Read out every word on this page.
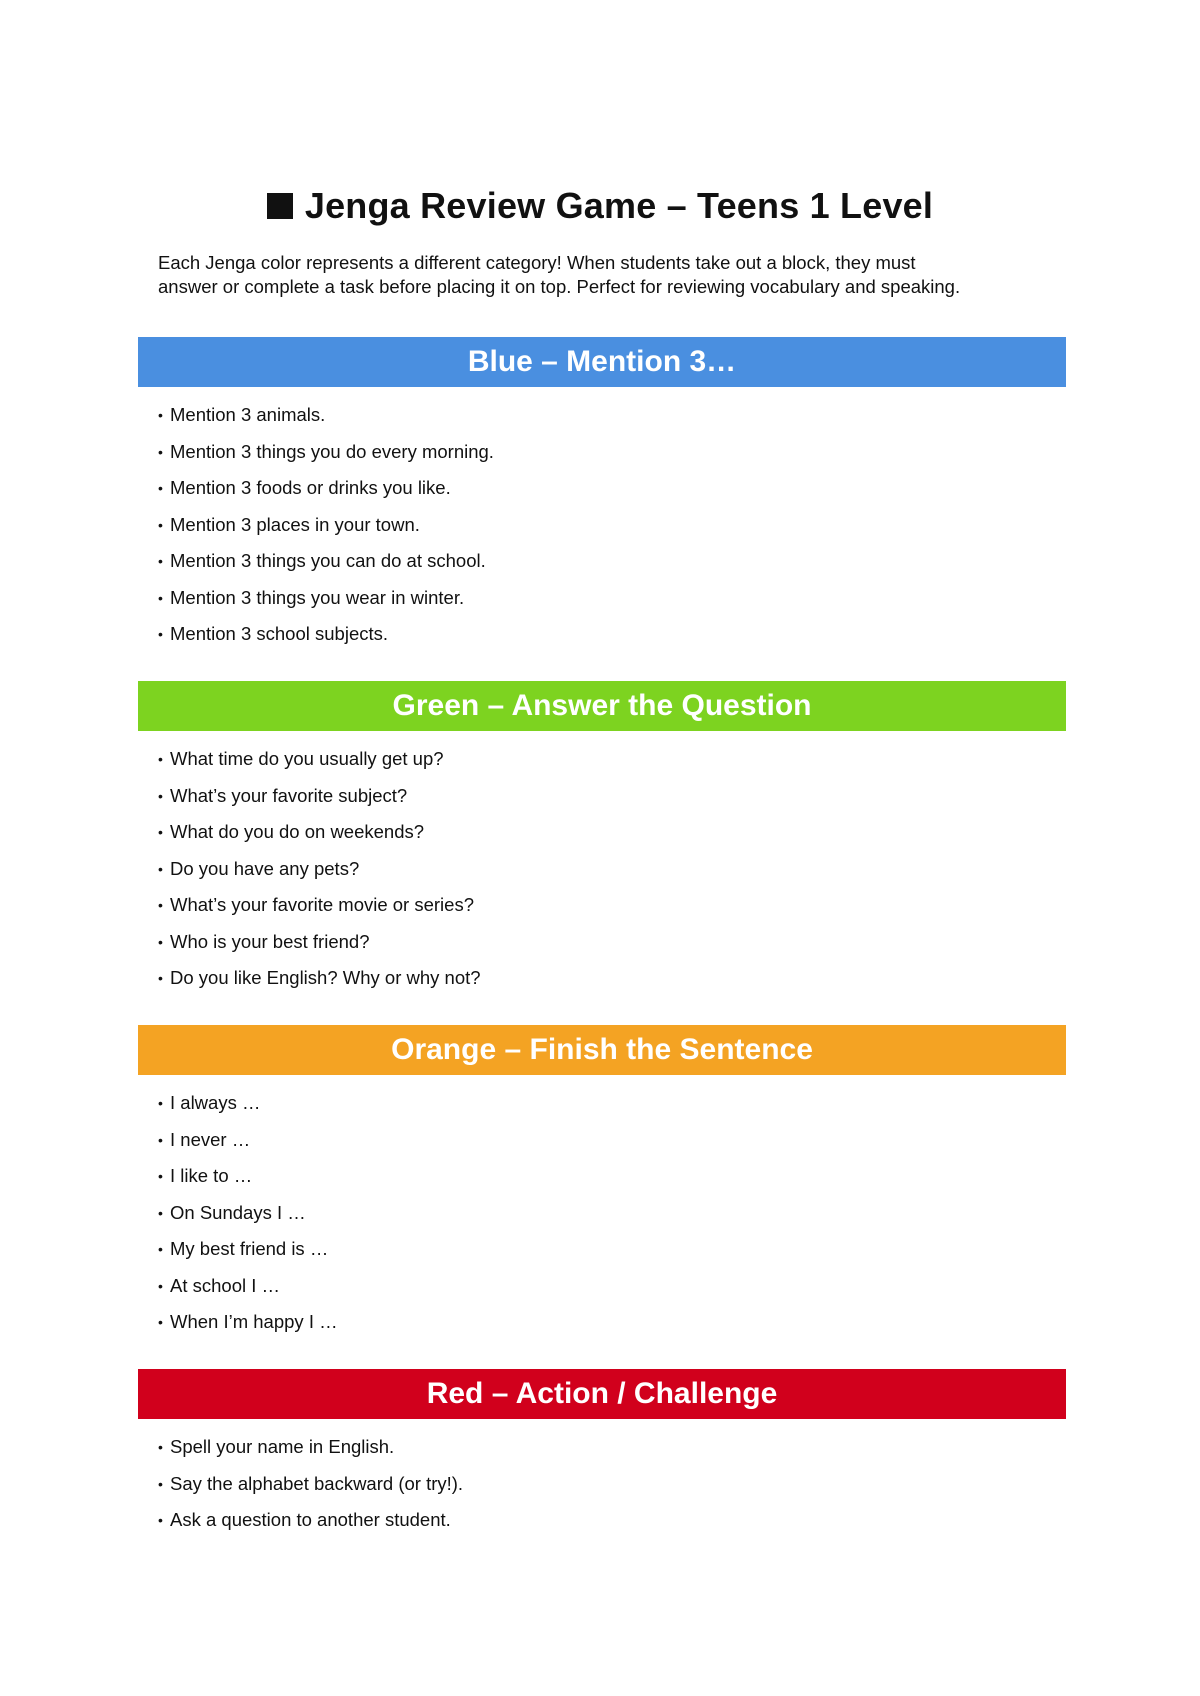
Jenga Review Game – Teens 1 Level
Each Jenga color represents a different category! When students take out a block, they must
answer or complete a task before placing it on top. Perfect for reviewing vocabulary and speaking.
Blue – Mention 3…
• Mention 3 animals.
• Mention 3 things you do every morning.
• Mention 3 foods or drinks you like.
• Mention 3 places in your town.
• Mention 3 things you can do at school.
• Mention 3 things you wear in winter.
• Mention 3 school subjects.
Green – Answer the Question
• What time do you usually get up?
• What’s your favorite subject?
• What do you do on weekends?
• Do you have any pets?
• What’s your favorite movie or series?
• Who is your best friend?
• Do you like English? Why or why not?
Orange – Finish the Sentence
• I always …
• I never …
• I like to …
• On Sundays I …
• My best friend is …
• At school I …
• When I’m happy I …
Red – Action / Challenge
• Spell your name in English.
• Say the alphabet backward (or try!).
• Ask a question to another student.
